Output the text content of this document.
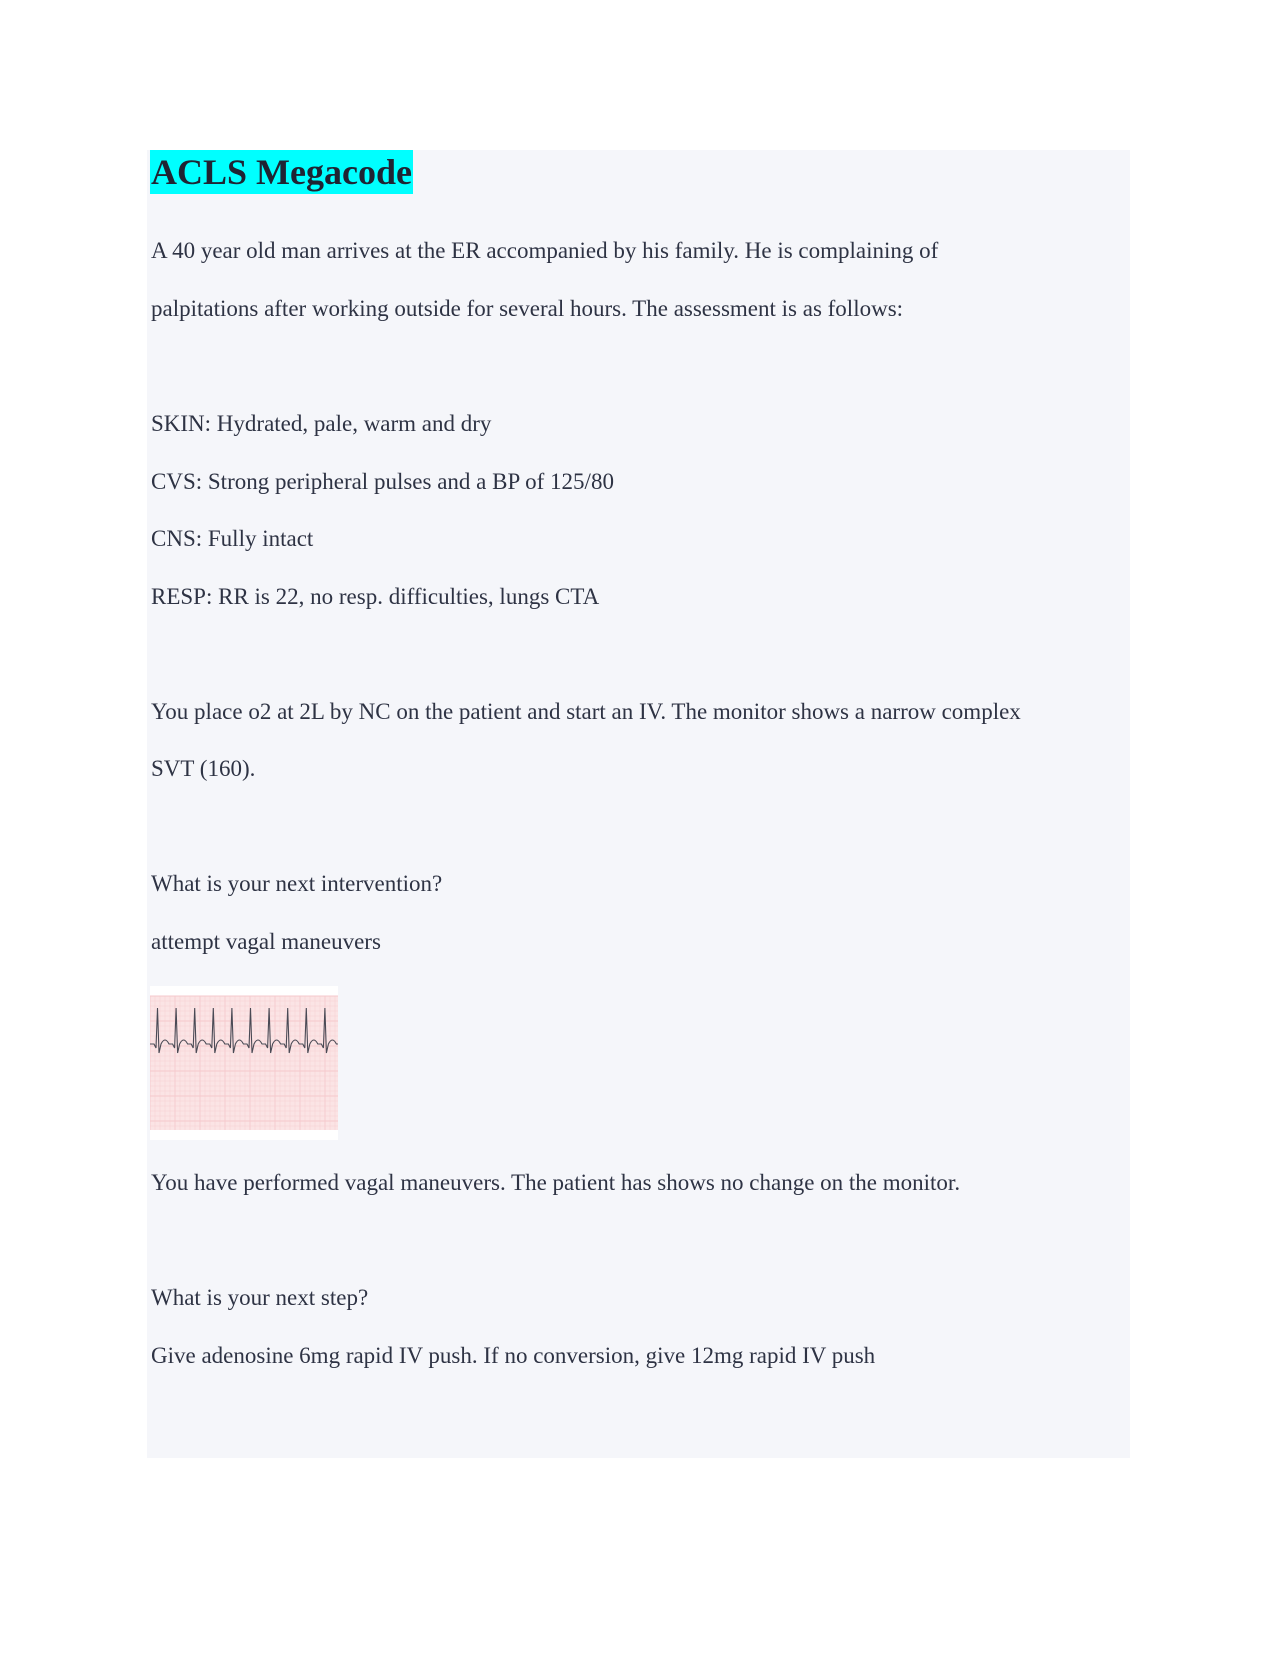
ACLS Megacode
A 40 year old man arrives at the ER accompanied by his family. He is complaining of
palpitations after working outside for several hours. The assessment is as follows:
SKIN: Hydrated, pale, warm and dry
CVS: Strong peripheral pulses and a BP of 125/80
CNS: Fully intact
RESP: RR is 22, no resp. difficulties, lungs CTA
You place o2 at 2L by NC on the patient and start an IV. The monitor shows a narrow complex
SVT (160).
What is your next intervention?
attempt vagal maneuvers
You have performed vagal maneuvers. The patient has shows no change on the monitor.
What is your next step?
Give adenosine 6mg rapid IV push. If no conversion, give 12mg rapid IV push
